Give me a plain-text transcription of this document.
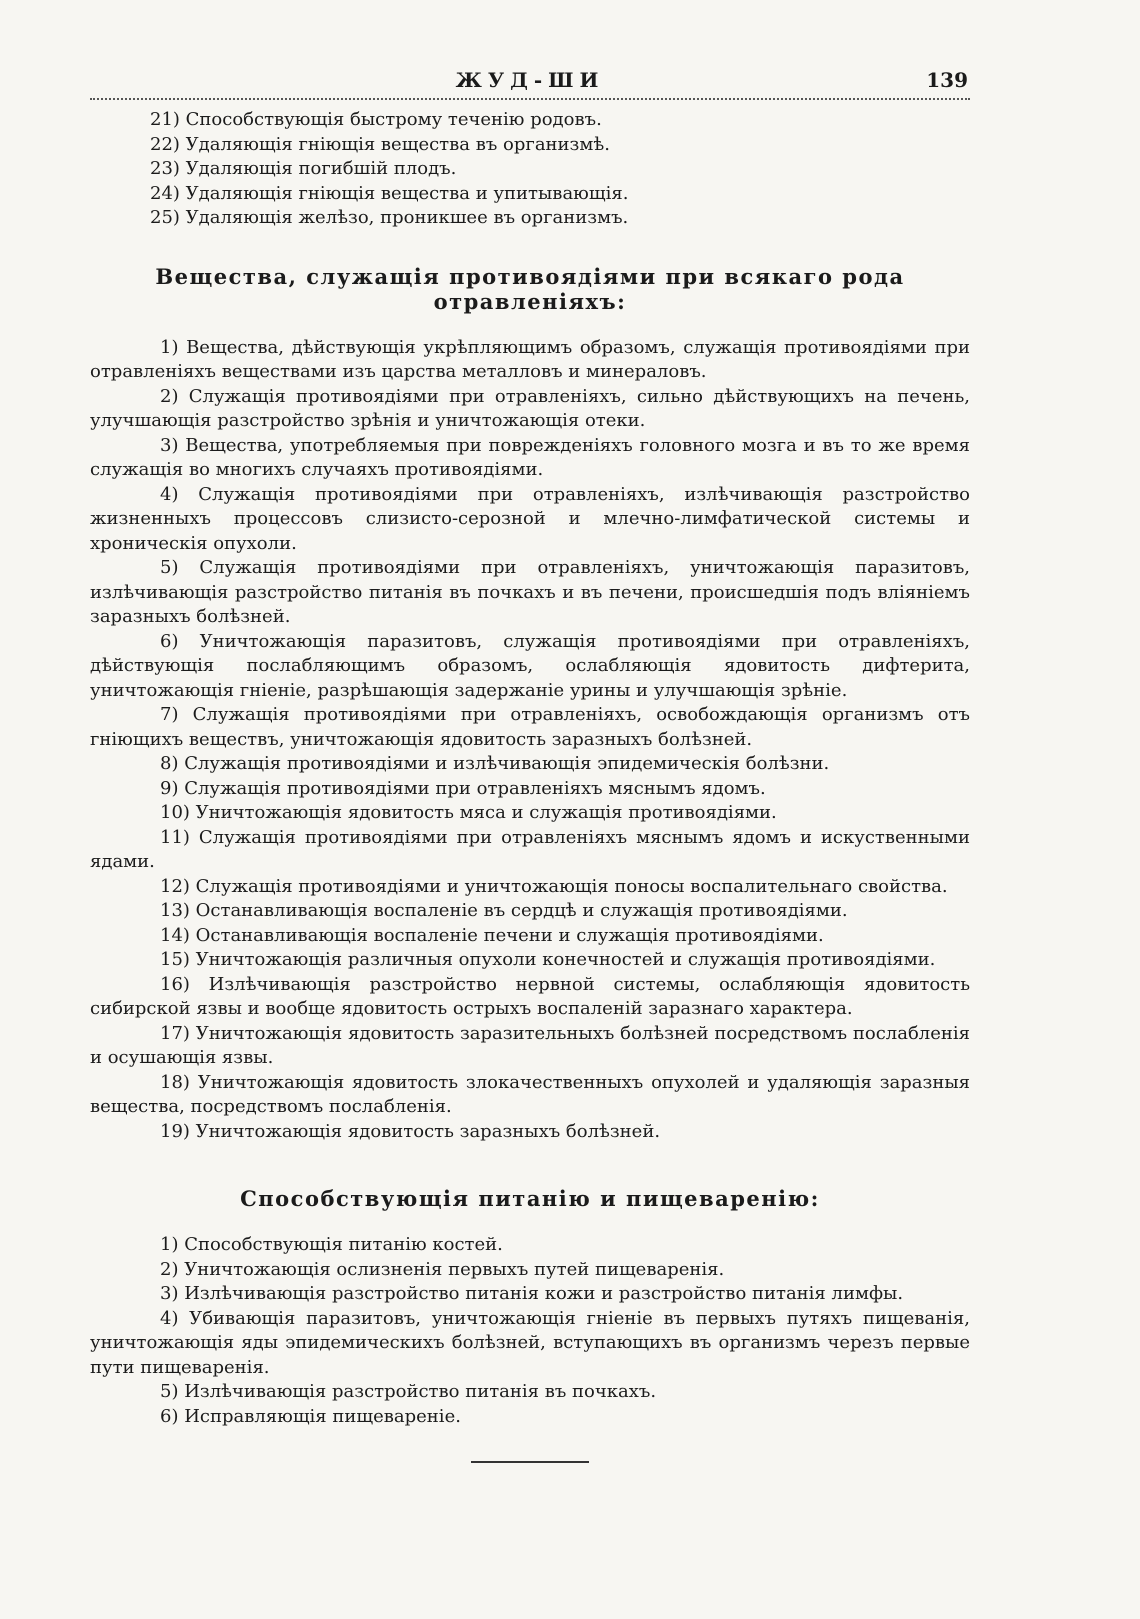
ЖУД-ШИ	139
21) Способствующія быстрому теченію родовъ.
22) Удаляющія гніющія вещества въ организмѣ.
23) Удаляющія погибшій плодъ.
24) Удаляющія гніющія вещества и упитывающія.
25) Удаляющія желѣзо, проникшее въ организмъ.
Вещества, служащія противоядіями при всякаго рода отравленіяхъ:
1) Вещества, дѣйствующія укрѣпляющимъ образомъ, служащія противоядіями при отравленіяхъ веществами изъ царства металловъ и минераловъ.
2) Служащія противоядіями при отравленіяхъ, сильно дѣйствующихъ на печень, улучшающія разстройство зрѣнія и уничтожающія отеки.
3) Вещества, употребляемыя при поврежденіяхъ головного мозга и въ то же время служащія во многихъ случаяхъ противоядіями.
4) Служащія противоядіями при отравленіяхъ, излѣчивающія разстройство жизненныхъ процессовъ слизисто-серозной и млечно-лимфатической системы и хроническія опухоли.
5) Служащія противоядіями при отравленіяхъ, уничтожающія паразитовъ, излѣчивающія разстройство питанія въ почкахъ и въ печени, происшедшія подъ вліяніемъ заразныхъ болѣзней.
6) Уничтожающія паразитовъ, служащія противоядіями при отравленіяхъ, дѣйствующія послабляющимъ образомъ, ослабляющія ядовитость дифтерита, уничтожающія гніеніе, разрѣшающія задержаніе урины и улучшающія зрѣніе.
7) Служащія противоядіями при отравленіяхъ, освобождающія организмъ отъ гніющихъ веществъ, уничтожающія ядовитость заразныхъ болѣзней.
8) Служащія противоядіями и излѣчивающія эпидемическія болѣзни.
9) Служащія противоядіями при отравленіяхъ мяснымъ ядомъ.
10) Уничтожающія ядовитость мяса и служащія противоядіями.
11) Служащія противоядіями при отравленіяхъ мяснымъ ядомъ и искуственными ядами.
12) Служащія противоядіями и уничтожающія поносы воспалительнаго свойства.
13) Останавливающія воспаленіе въ сердцѣ и служащія противоядіями.
14) Останавливающія воспаленіе печени и служащія противоядіями.
15) Уничтожающія различныя опухоли конечностей и служащія противоядіями.
16) Излѣчивающія разстройство нервной системы, ослабляющія ядовитость сибирской язвы и вообще ядовитость острыхъ воспаленій заразнаго характера.
17) Уничтожающія ядовитость заразительныхъ болѣзней посредствомъ послабленія и осушающія язвы.
18) Уничтожающія ядовитость злокачественныхъ опухолей и удаляющія заразныя вещества, посредствомъ послабленія.
19) Уничтожающія ядовитость заразныхъ болѣзней.
Способствующія питанію и пищеваренію:
1) Способствующія питанію костей.
2) Уничтожающія ослизненія первыхъ путей пищеваренія.
3) Излѣчивающія разстройство питанія кожи и разстройство питанія лимфы.
4) Убивающія паразитовъ, уничтожающія гніеніе въ первыхъ путяхъ пищеванія, уничтожающія яды эпидемическихъ болѣзней, вступающихъ въ организмъ черезъ первые пути пищеваренія.
5) Излѣчивающія разстройство питанія въ почкахъ.
6) Исправляющія пищевареніе.
